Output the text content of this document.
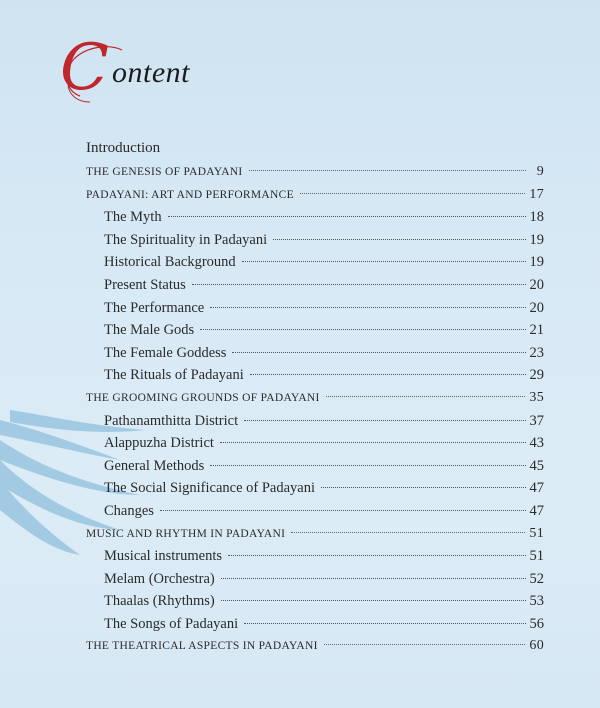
C ontent
Introduction
THE GENESIS OF PADAYANI	9
PADAYANI: ART AND PERFORMANCE	17
The Myth	18
The Spirituality in Padayani	19
Historical Background	19
Present Status	20
The Performance	20
The Male Gods	21
The Female Goddess	23
The Rituals of Padayani	29
THE GROOMING GROUNDS OF PADAYANI	35
Pathanamthitta District	37
Alappuzha District	43
General Methods	45
The Social Significance of Padayani	47
Changes	47
MUSIC AND RHYTHM IN PADAYANI	51
Musical instruments	51
Melam (Orchestra)	52
Thaalas (Rhythms)	53
The Songs of Padayani	56
THE THEATRICAL ASPECTS IN PADAYANI	60
